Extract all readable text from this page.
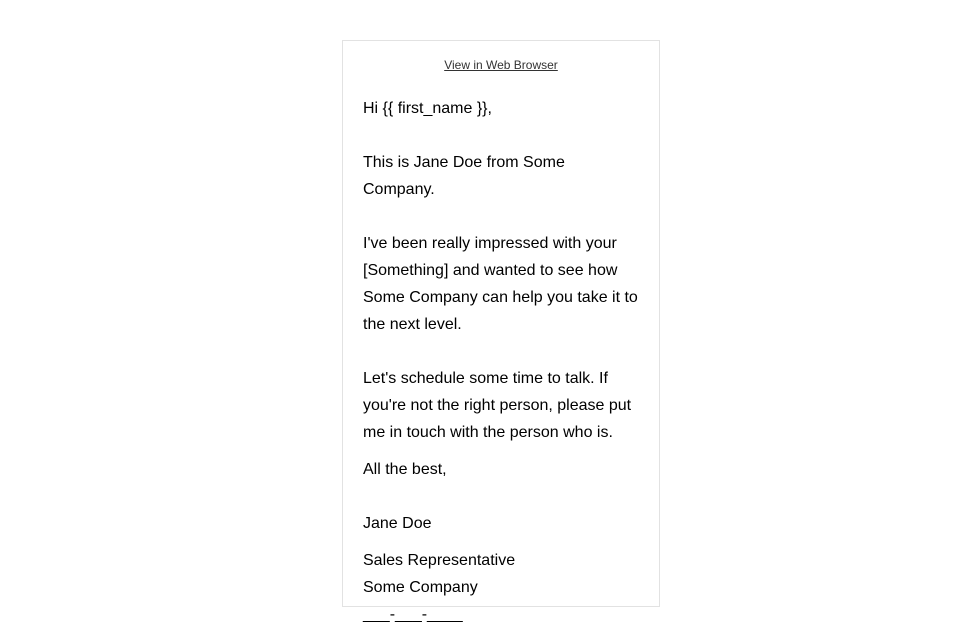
View in Web Browser

Hi {{ first_name }},

This is Jane Doe from Some Company.

I've been really impressed with your [Something] and wanted to see how Some Company can help you take it to the next level.

Let's schedule some time to talk. If you're not the right person, please put me in touch with the person who is.

All the best,

Jane Doe

Sales Representative

Some Company

___-___-____
